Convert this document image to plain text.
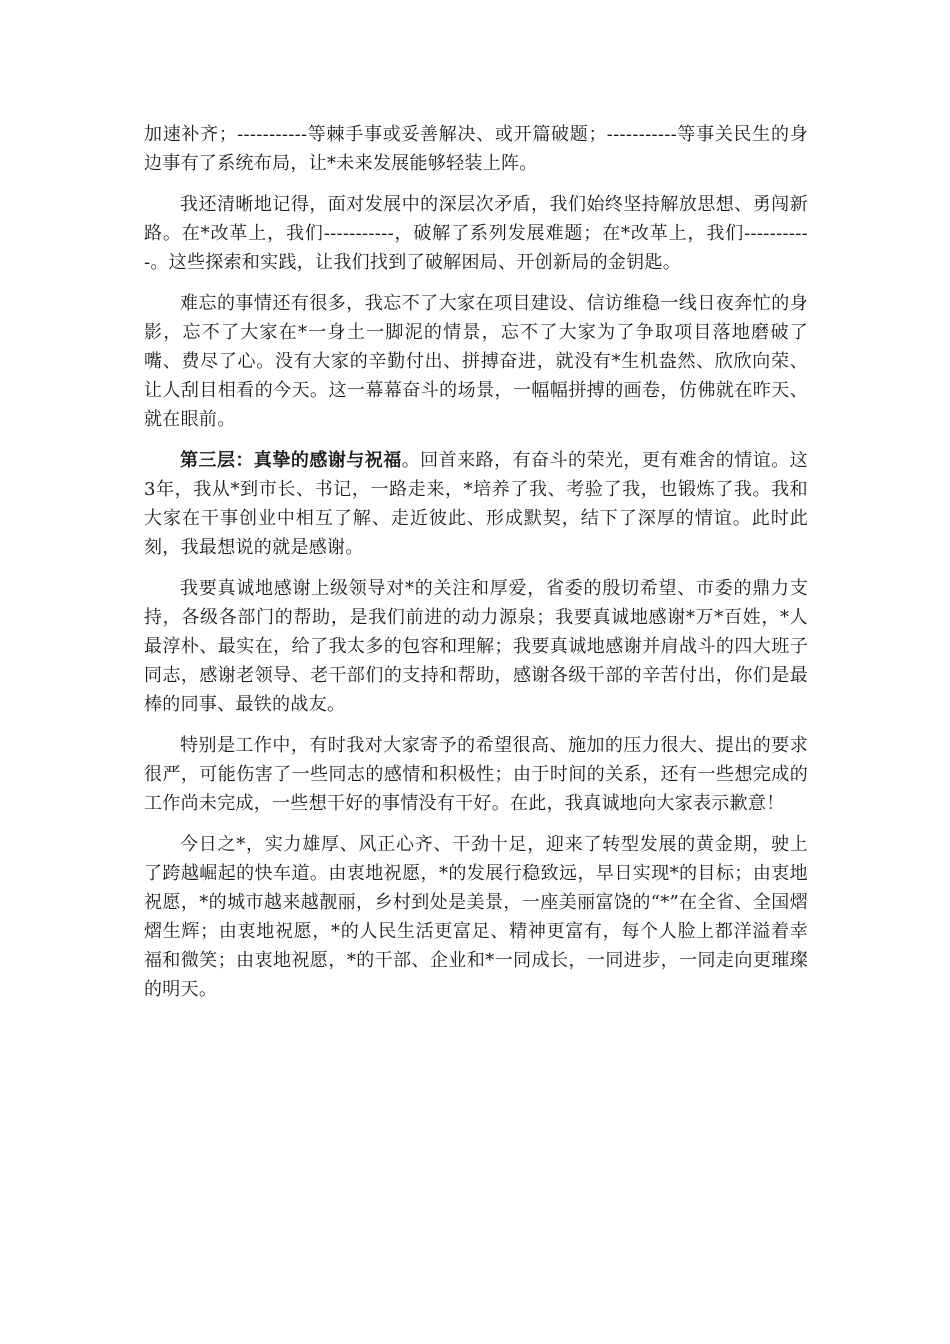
加速补齐；-----------等棘手事或妥善解决、或开篇破题；-----------等事关民生的身边事有了系统布局，让*未来发展能够轻装上阵。

我还清晰地记得，面对发展中的深层次矛盾，我们始终坚持解放思想、勇闯新路。在*改革上，我们-----------，破解了系列发展难题；在*改革上，我们-----------。这些探索和实践，让我们找到了破解困局、开创新局的金钥匙。

难忘的事情还有很多，我忘不了大家在项目建设、信访维稳一线日夜奔忙的身影，忘不了大家在*一身土一脚泥的情景，忘不了大家为了争取项目落地磨破了嘴、费尽了心。没有大家的辛勤付出、拼搏奋进，就没有*生机盎然、欣欣向荣、让人刮目相看的今天。这一幕幕奋斗的场景，一幅幅拼搏的画卷，仿佛就在昨天、就在眼前。

第三层：真挚的感谢与祝福。回首来路，有奋斗的荣光，更有难舍的情谊。这3年，我从*到市长、书记，一路走来，*培养了我、考验了我，也锻炼了我。我和大家在干事创业中相互了解、走近彼此、形成默契，结下了深厚的情谊。此时此刻，我最想说的就是感谢。

我要真诚地感谢上级领导对*的关注和厚爱，省委的殷切希望、市委的鼎力支持，各级各部门的帮助，是我们前进的动力源泉；我要真诚地感谢*万*百姓，*人最淳朴、最实在，给了我太多的包容和理解；我要真诚地感谢并肩战斗的四大班子同志，感谢老领导、老干部们的支持和帮助，感谢各级干部的辛苦付出，你们是最棒的同事、最铁的战友。

特别是工作中，有时我对大家寄予的希望很高、施加的压力很大、提出的要求很严，可能伤害了一些同志的感情和积极性；由于时间的关系，还有一些想完成的工作尚未完成，一些想干好的事情没有干好。在此，我真诚地向大家表示歉意！

今日之*，实力雄厚、风正心齐、干劲十足，迎来了转型发展的黄金期，驶上了跨越崛起的快车道。由衷地祝愿，*的发展行稳致远，早日实现*的目标；由衷地祝愿，*的城市越来越靓丽，乡村到处是美景，一座美丽富饶的“*”在全省、全国熠熠生辉；由衷地祝愿，*的人民生活更富足、精神更富有，每个人脸上都洋溢着幸福和微笑；由衷地祝愿，*的干部、企业和*一同成长，一同进步，一同走向更璀璨的明天。
